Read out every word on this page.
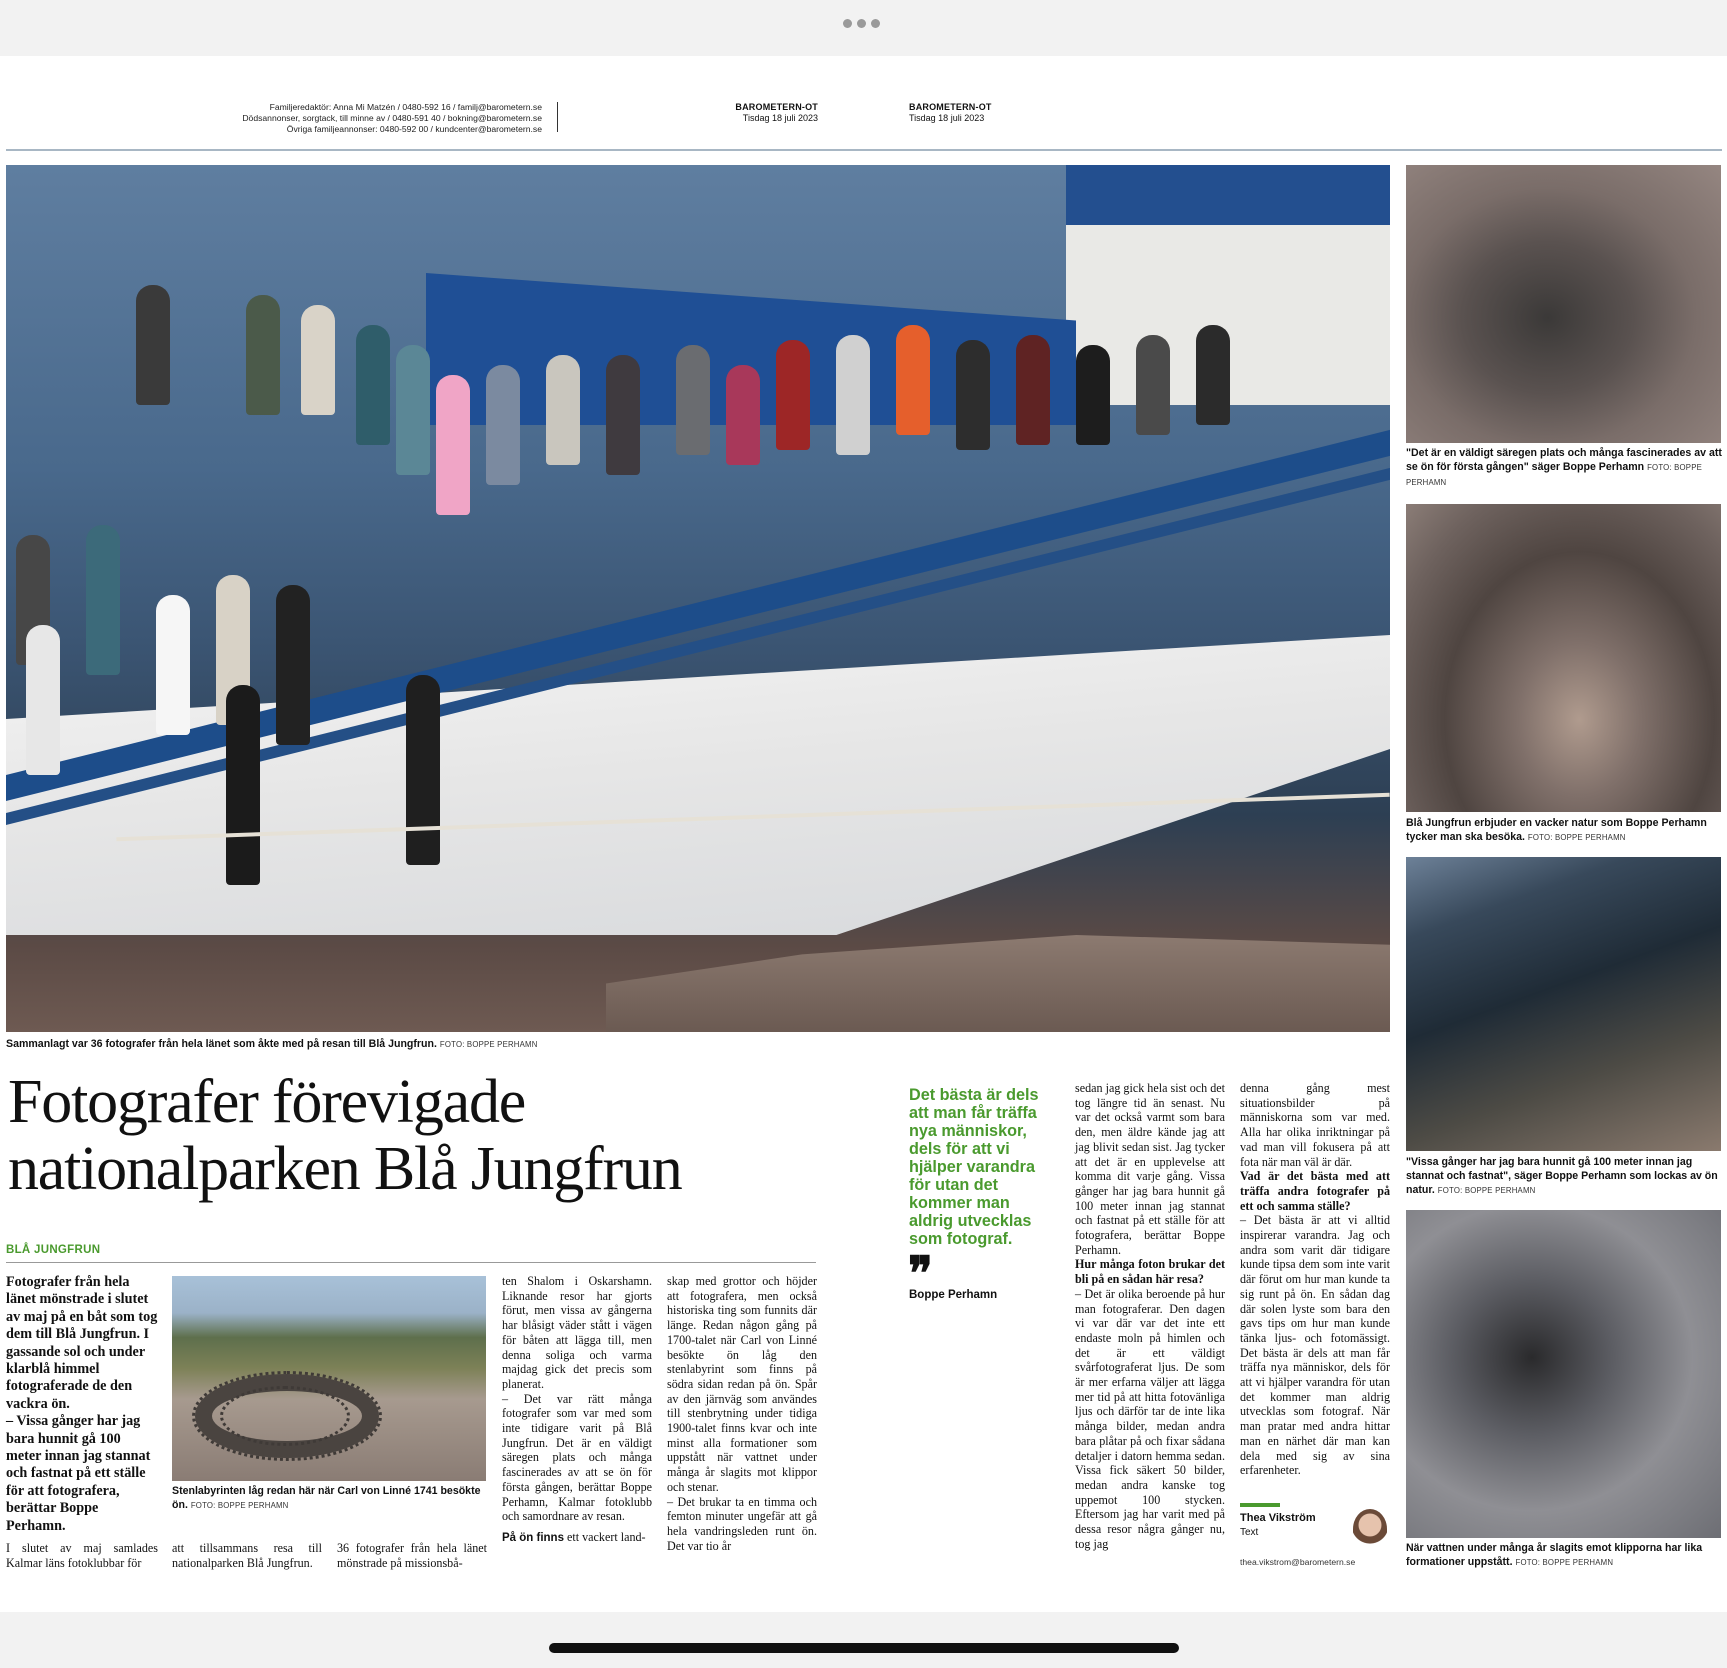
Familjeredaktör: Anna Mi Matzén / 0480-592 16 / familj@barometern.se
Dödsannonser, sorgtack, till minne av / 0480-591 40 / bokning@barometern.se
Övriga familjeannonser: 0480-592 00 / kundcenter@barometern.se
BAROMETERN-OT
Tisdag 18 juli 2023
BAROMETERN-OT
Tisdag 18 juli 2023
Sammanlagt var 36 fotografer från hela länet som åkte med på resan till Blå Jungfrun. FOTO: BOPPE PERHAMN
"Det är en väldigt säregen plats och många fascinerades av att se ön för första gången" säger Boppe Perhamn FOTO: BOPPE PERHAMN
Blå Jungfrun erbjuder en vacker natur som Boppe Perhamn tycker man ska besöka. FOTO: BOPPE PERHAMN
"Vissa gånger har jag bara hunnit gå 100 meter innan jag stannat och fastnat", säger Boppe Perhamn som lockas av ön natur. FOTO: BOPPE PERHAMN
När vattnen under många år slagits emot klipporna har lika formationer uppstått. FOTO: BOPPE PERHAMN
Fotografer förevigade
nationalparken Blå Jungfrun
BLÅ JUNGFRUN

Fotografer från hela länet mönstrade i slutet av maj på en båt som tog dem till Blå Jungfrun. I gassande sol och under klarblå himmel fotograferade de den vackra ön.

– Vissa gånger har jag bara hunnit gå 100 meter innan jag stannat och fastnat på ett ställe för att fotografera, berättar Boppe Perhamn.

Stenlabyrinten låg redan här när Carl von Linné 1741 besökte ön. FOTO: BOPPE PERHAMN

I slutet av maj samlades Kalmar läns fotoklubbar för

att tillsammans resa till nationalparken Blå Jungfrun.

36 fotografer från hela länet mönstrade på missionsbå-

ten Shalom i Oskarshamn. Liknande resor har gjorts förut, men vissa av gångerna har blåsigt väder stått i vägen för båten att lägga till, men denna soliga och varma majdag gick det precis som planerat.

– Det var rätt många fotografer som var med som inte tidigare varit på Blå Jungfrun. Det är en väldigt säregen plats och många fascinerades av att se ön för första gången, berättar Boppe Perhamn, Kalmar fotoklubb och samordnare av resan.

På ön finns ett vackert land-

skap med grottor och höjder att fotografera, men också historiska ting som funnits där länge. Redan någon gång på 1700-talet när Carl von Linné besökte ön låg den stenlabyrint som finns på södra sidan redan på ön. Spår av den järnväg som användes till stenbrytning under tidiga 1900-talet finns kvar och inte minst alla formationer som uppstått när vattnet under många år slagits mot klippor och stenar.

– Det brukar ta en timma och femton minuter ungefär att gå hela vandringsleden runt ön. Det var tio år

Det bästa är dels att man får träffa nya människor, dels för att vi hjälper varandra för utan det kommer man aldrig utvecklas som fotograf.
❞
Boppe Perhamn

sedan jag gick hela sist och det tog längre tid än senast. Nu var det också varmt som bara den, men äldre kände jag att jag blivit sedan sist. Jag tycker att det är en upplevelse att komma dit varje gång. Vissa gånger har jag bara hunnit gå 100 meter innan jag stannat och fastnat på ett ställe för att fotografera, berättar Boppe Perhamn.

Hur många foton brukar det bli på en sådan här resa?

– Det är olika beroende på hur man fotograferar. Den dagen vi var där var det inte ett endaste moln på himlen och det är ett väldigt svårfotograferat ljus. De som är mer erfarna väljer att lägga mer tid på att hitta fotovänliga ljus och därför tar de inte lika många bilder, medan andra bara plåtar på och fixar sådana detaljer i datorn hemma sedan. Vissa fick säkert 50 bilder, medan andra kanske tog uppemot 100 stycken. Eftersom jag har varit med på dessa resor några gånger nu, tog jag

denna gång mest situationsbilder på människorna som var med. Alla har olika inriktningar på vad man vill fokusera på att fota när man väl är där.

Vad är det bästa med att träffa andra fotografer på ett och samma ställe?

– Det bästa är att vi alltid inspirerar varandra. Jag och andra som varit där tidigare kunde tipsa dem som inte varit där förut om hur man kunde ta sig runt på ön. En sådan dag där solen lyste som bara den gavs tips om hur man kunde tänka ljus- och fotomässigt. Det bästa är dels att man får träffa nya människor, dels för att vi hjälper varandra för utan det kommer man aldrig utvecklas som fotograf. När man pratar med andra hittar man en närhet där man kan dela med sig av sina erfarenheter.

Thea Vikström
Text
thea.vikstrom@barometern.se
